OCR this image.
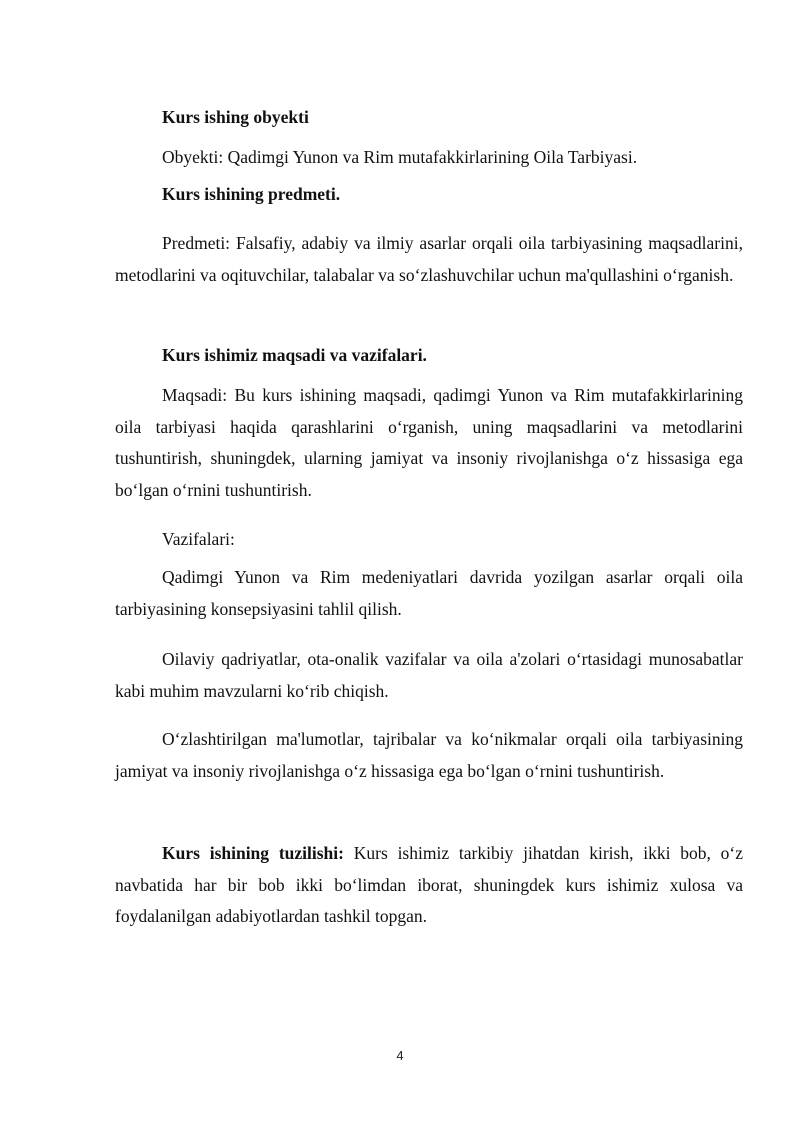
Kurs ishing obyekti

Obyekti: Qadimgi Yunon va Rim mutafakkirlarining Oila Tarbiyasi.

Kurs ishining predmeti.

Predmeti: Falsafiy, adabiy va ilmiy asarlar orqali oila tarbiyasining maqsadlarini, metodlarini va oqituvchilar, talabalar va so‘zlashuvchilar uchun ma'qullashini o‘rganish.

Kurs ishimiz maqsadi va vazifalari.

Maqsadi: Bu kurs ishining maqsadi, qadimgi Yunon va Rim mutafakkirlarining oila tarbiyasi haqida qarashlarini o‘rganish, uning maqsadlarini va metodlarini tushuntirish, shuningdek, ularning jamiyat va insoniy rivojlanishga o‘z hissasiga ega bo‘lgan o‘rnini tushuntirish.

Vazifalari:

Qadimgi Yunon va Rim medeniyatlari davrida yozilgan asarlar orqali oila tarbiyasining konsepsiyasini tahlil qilish.

Oilaviy qadriyatlar, ota-onalik vazifalar va oila a'zolari o‘rtasidagi munosabatlar kabi muhim mavzularni ko‘rib chiqish.

O‘zlashtirilgan ma'lumotlar, tajribalar va ko‘nikmalar orqali oila tarbiyasining jamiyat va insoniy rivojlanishga o‘z hissasiga ega bo‘lgan o‘rnini tushuntirish.

Kurs ishining tuzilishi: Kurs ishimiz tarkibiy jihatdan kirish, ikki bob, o‘z navbatida har bir bob ikki bo‘limdan iborat, shuningdek kurs ishimiz xulosa va foydalanilgan adabiyotlardan tashkil topgan.

4
